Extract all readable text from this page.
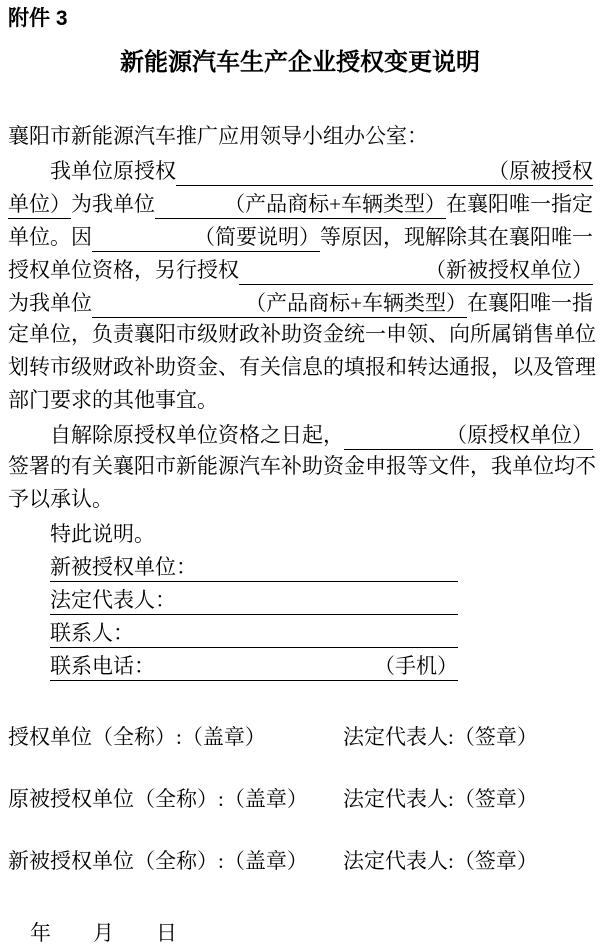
附件 3
新能源汽车生产企业授权变更说明
襄阳市新能源汽车推广应用领导小组办公室：
我单位原授权	（原被授权
单位） 为我单位	（产品商标+车辆类型） 在襄阳唯一指定
单位。因	（简要说明） 等原因，现解除其在襄阳唯一
授权单位资格，另行授权	（新被授权单位）
为我单位	（产品商标+车辆类型） 在襄阳唯一指
定单位，负责襄阳市级财政补助资金统一申领、向所属销售单位
划转市级财政补助资金、有关信息的填报和转达通报，以及管理
部门要求的其他事宜。
自解除原授权单位资格之日起，	（原授权单位）
签署的有关襄阳市新能源汽车补助资金申报等文件，我单位均不
予以承认。
特此说明。
新被授权单位：
法定代表人：
联系人：
联系电话：	（手机）
授权单位（全称）:（盖章）	法定代表人:（签章）
原被授权单位（全称）:（盖章）	法定代表人:（签章）
新被授权单位（全称）:（盖章）	法定代表人:（签章）
年　　月　　日
